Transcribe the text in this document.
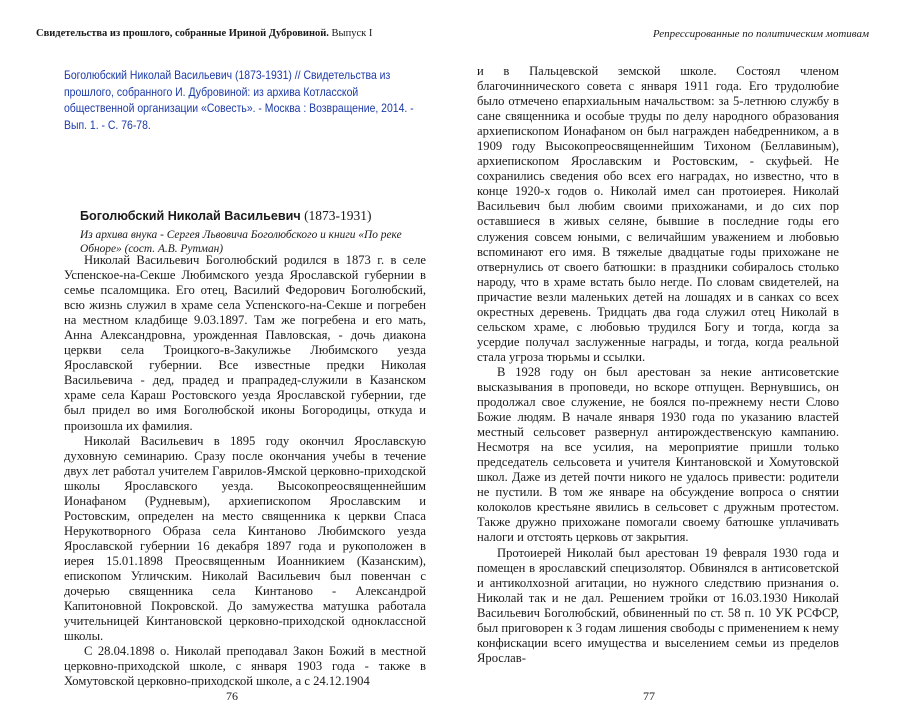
Свидетельства из прошлого, собранные Ириной Дубровиной. Выпуск I
Боголюбский Николай Васильевич (1873-1931) // Свидетельства из прошлого, собранного И. Дубровиной: из архива Котласской общественной организации «Совесть». - Москва : Возвращение, 2014. - Вып. 1. - С. 76-78.
Боголюбский Николай Васильевич (1873-1931)
Из архива внука - Сергея Львовича Боголюбского и книги «По реке Обноре» (сост. А.В. Рутман)

Николай Васильевич Боголюбский родился в 1873 г. в селе Успенское-на-Секше Любимского уезда Ярославской губернии в семье псаломщика. Его отец, Василий Федорович Боголюбский, всю жизнь служил в храме села Успенского-на-Секше и погребен на местном кладбище 9.03.1897. Там же погребена и его мать, Анна Александровна, урожденная Павловская, - дочь диакона церкви села Троицкого-в-Закулижье Любимского уезда Ярославской губернии. Все известные предки Николая Васильевича - дед, прадед и прапрадед-служили в Казанском храме села Караш Ростовского уезда Ярославской губернии, где был придел во имя Боголюбской иконы Богородицы, откуда и произошла их фамилия.

Николай Васильевич в 1895 году окончил Ярославскую духовную семинарию. Сразу после окончания учебы в течение двух лет работал учителем Гаврилов-Ямской церковно-приходской школы Ярославского уезда. Высокопреосвященнейшим Ионафаном (Рудневым), архиепископом Ярославским и Ростовским, определен на место священника к церкви Спаса Нерукотворного Образа села Кинтаново Любимского уезда Ярославской губернии 16 декабря 1897 года и рукоположен в иерея 15.01.1898 Преосвященным Иоанникием (Казанским), епископом Угличским. Николай Васильевич был повенчан с дочерью священника села Кинтаново - Александрой Капитоновной Покровской. До замужества матушка работала учительницей Кинтановской церковно-приходской одноклассной школы.

С 28.04.1898 о. Николай преподавал Закон Божий в местной церковно-приходской школе, с января 1903 года - также в Хомутовской церковно-приходской школе, а с 24.12.1904

76
Репрессированные по политическим мотивам

и в Пальцевской земской школе. Состоял членом благочиннического совета с января 1911 года. Его трудолюбие было отмечено епархиальным начальством: за 5-летнюю службу в сане священника и особые труды по делу народного образования архиепископом Ионафаном он был награжден набедренником, а в 1909 году Высокопреосвященнейшим Тихоном (Беллавиным), архиепископом Ярославским и Ростовским, - скуфьей. Не сохранились сведения обо всех его наградах, но известно, что в конце 1920-х годов о. Николай имел сан протоиерея. Николай Васильевич был любим своими прихожанами, и до сих пор оставшиеся в живых селяне, бывшие в последние годы его служения совсем юными, с величайшим уважением и любовью вспоминают его имя. В тяжелые двадцатые годы прихожане не отвернулись от своего батюшки: в праздники собиралось столько народу, что в храме встать было негде. По словам свидетелей, на причастие везли маленьких детей на лошадях и в санках со всех окрестных деревень. Тридцать два года служил отец Николай в сельском храме, с любовью трудился Богу и тогда, когда за усердие получал заслуженные награды, и тогда, когда реальной стала угроза тюрьмы и ссылки.

В 1928 году он был арестован за некие антисоветские высказывания в проповеди, но вскоре отпущен. Вернувшись, он продолжал свое служение, не боялся по-прежнему нести Слово Божие людям. В начале января 1930 года по указанию властей местный сельсовет развернул антирождественскую кампанию. Несмотря на все усилия, на мероприятие пришли только председатель сельсовета и учителя Кинтановской и Хомутовской школ. Даже из детей почти никого не удалось привести: родители не пустили. В том же январе на обсуждение вопроса о снятии колоколов крестьяне явились в сельсовет с дружным протестом. Также дружно прихожане помогали своему батюшке уплачивать налоги и отстоять церковь от закрытия.

Протоиерей Николай был арестован 19 февраля 1930 года и помещен в ярославский специзолятор. Обвинялся в антисоветской и антиколхозной агитации, но нужного следствию признания о. Николай так и не дал. Решением тройки от 16.03.1930 Николай Васильевич Боголюбский, обвиненный по ст. 58 п. 10 УК РСФСР, был приговорен к 3 годам лишения свободы с применением к нему конфискации всего имущества и выселением семьи из пределов Ярослав-

77
